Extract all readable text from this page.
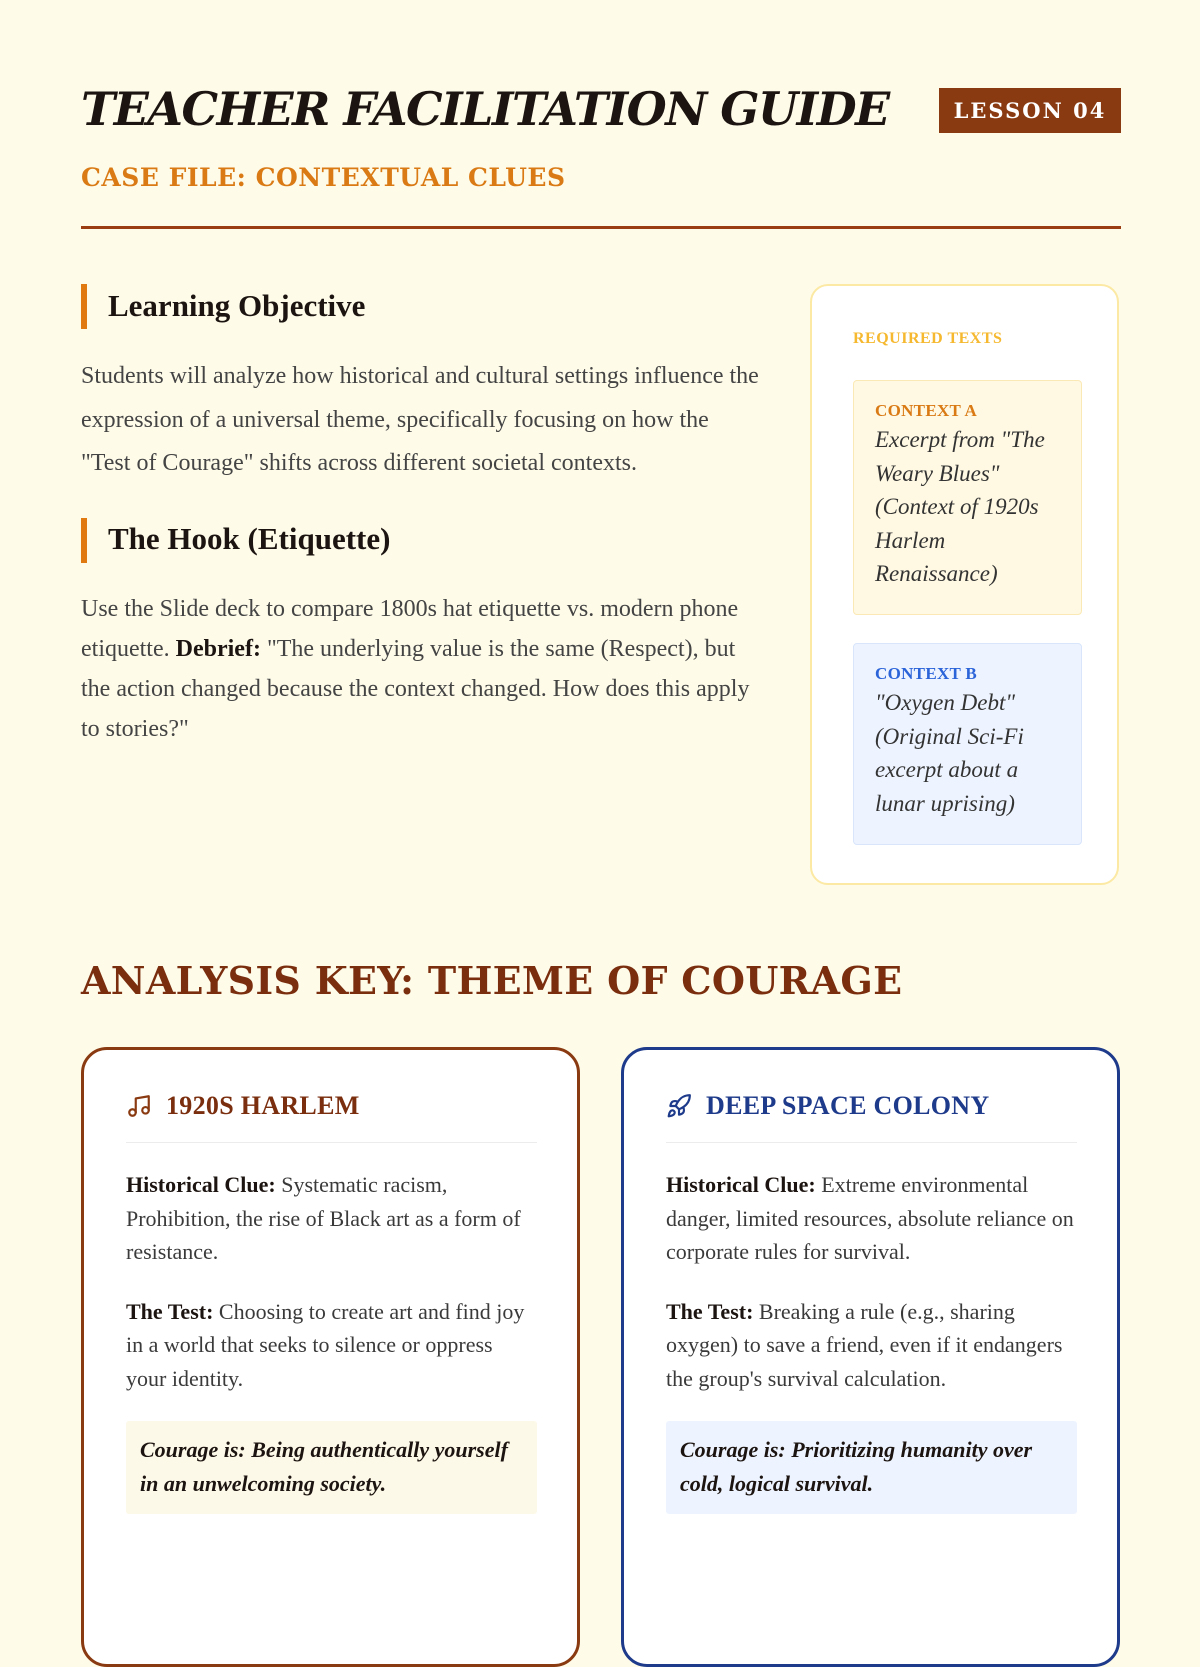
TEACHER FACILITATION GUIDE	LESSON 04
CASE FILE: CONTEXTUAL CLUES
Learning Objective

Students will analyze how historical and cultural settings influence the expression of a universal theme, specifically focusing on how the "Test of Courage" shifts across different societal contexts.

The Hook (Etiquette)

Use the Slide deck to compare 1800s hat etiquette vs. modern phone etiquette. Debrief: "The underlying value is the same (Respect), but the action changed because the context changed. How does this apply to stories?"

REQUIRED TEXTS
CONTEXT A
Excerpt from "The Weary Blues" (Context of 1920s Harlem Renaissance)
CONTEXT B
"Oxygen Debt" (Original Sci-Fi excerpt about a lunar uprising)
ANALYSIS KEY: THEME OF COURAGE
1920S HARLEM

Historical Clue: Systematic racism, Prohibition, the rise of Black art as a form of resistance.

The Test: Choosing to create art and find joy in a world that seeks to silence or oppress your identity.

Courage is: Being authentically yourself in an unwelcoming society.
DEEP SPACE COLONY

Historical Clue: Extreme environmental danger, limited resources, absolute reliance on corporate rules for survival.

The Test: Breaking a rule (e.g., sharing oxygen) to save a friend, even if it endangers the group's survival calculation.

Courage is: Prioritizing humanity over cold, logical survival.
